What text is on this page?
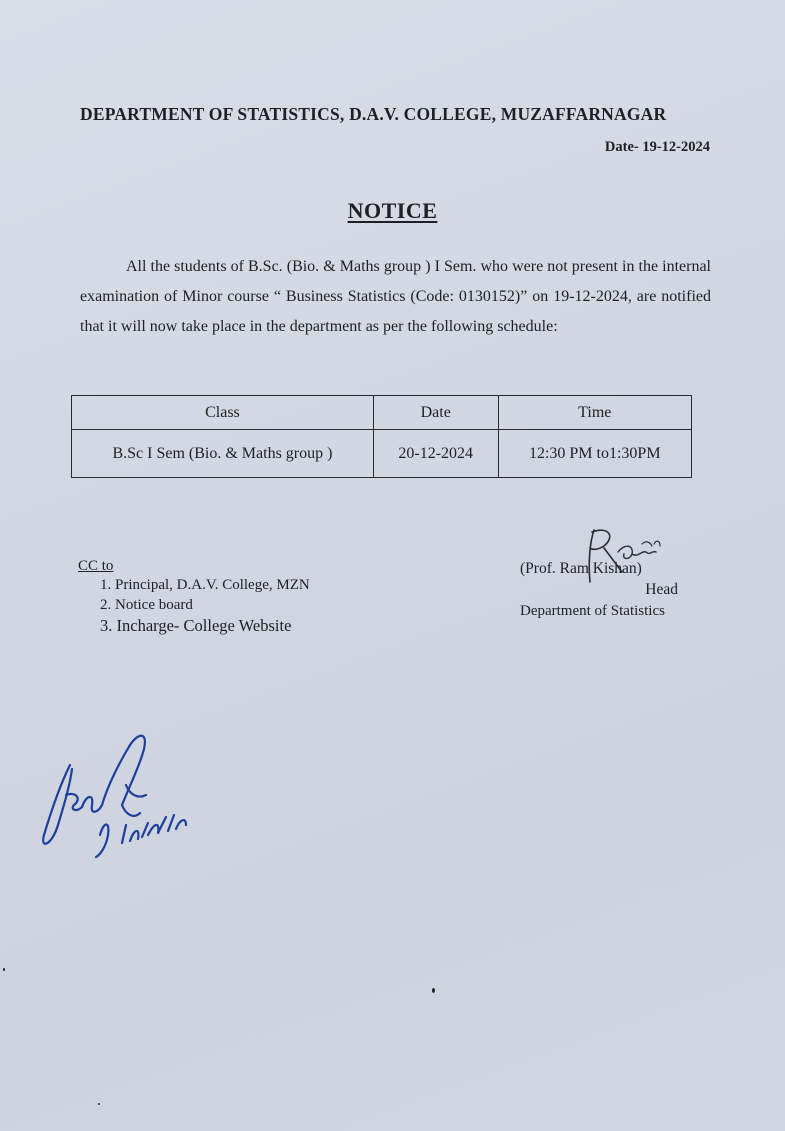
DEPARTMENT OF STATISTICS, D.A.V. COLLEGE, MUZAFFARNAGAR
Date- 19-12-2024
NOTICE

All the students of B.Sc. (Bio. & Maths group ) I Sem. who were not present in the internal examination of Minor course “ Business Statistics (Code: 0130152)” on 19-12-2024, are notified that it will now take place in the department as per the following schedule:

Class	Date	Time
B.Sc I Sem (Bio. & Maths group )	20-12-2024	12:30 PM to1:30PM
CC to
1. Principal, D.A.V. College, MZN
2. Notice board
3. Incharge- College Website
(Prof. Ram Kishan)
Head
Department of Statistics
